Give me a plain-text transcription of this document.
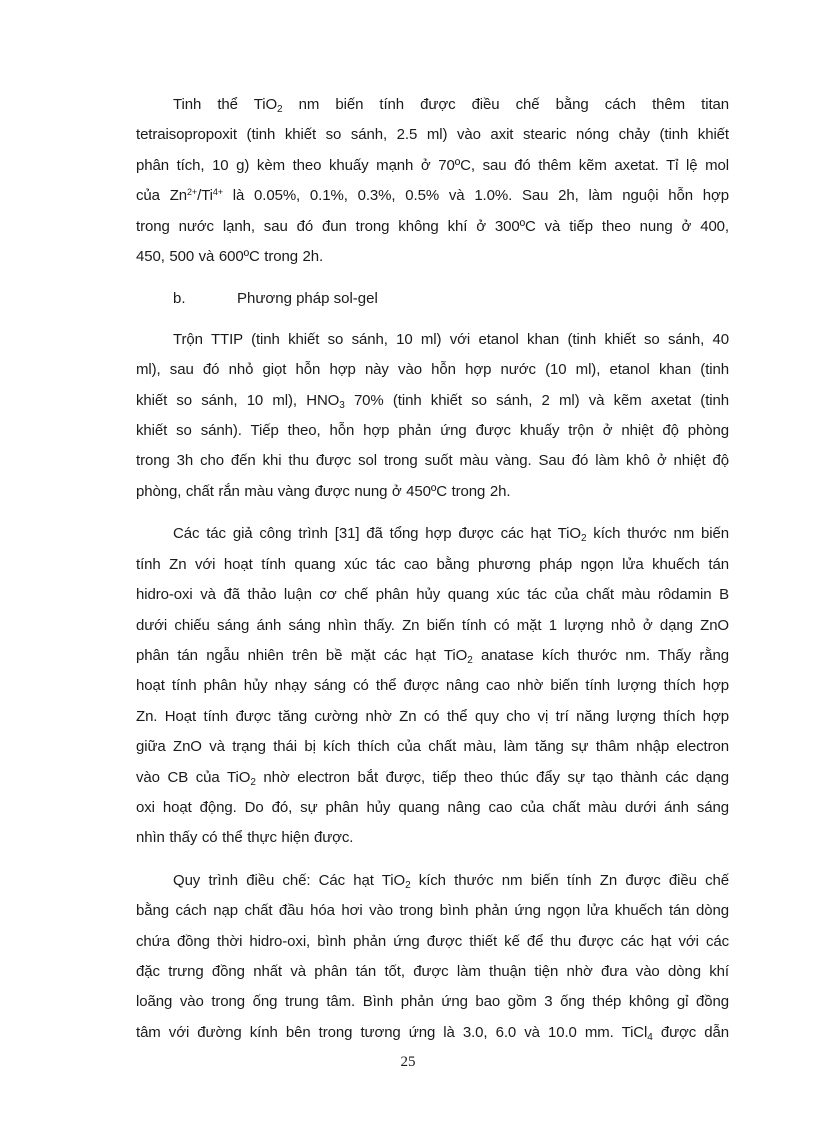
Tinh thể TiO$_2$ nm biến tính được điều chế bằng cách thêm titan
tetraisopropoxit (tinh khiết so sánh, 2.5 ml) vào axit stearic nóng chảy (tinh khiết
phân tích, 10 g) kèm theo khuấy mạnh ở 70ºC, sau đó thêm kẽm axetat. Tỉ lệ mol
của $Zn^{2+}/Ti^{4+}$ là 0.05%, 0.1%, 0.3%, 0.5% và 1.0%. Sau 2h, làm nguội hỗn hợp
trong nước lạnh, sau đó đun trong không khí ở 300ºC và tiếp theo nung ở 400,
450, 500 và 600ºC trong 2h.
b.	Phương pháp sol-gel
Trộn TTIP (tinh khiết so sánh, 10 ml) với etanol khan (tinh khiết so sánh, 40
ml), sau đó nhỏ giọt hỗn hợp này vào hỗn hợp nước (10 ml), etanol khan (tinh
khiết so sánh, 10 ml), $HNO_3$ 70% (tinh khiết so sánh, 2 ml) và kẽm axetat (tinh
khiết so sánh). Tiếp theo, hỗn hợp phản ứng được khuấy trộn ở nhiệt độ phòng
trong 3h cho đến khi thu được sol trong suốt màu vàng. Sau đó làm khô ở nhiệt độ
phòng, chất rắn màu vàng được nung ở 450ºC trong 2h.
Các tác giả công trình [31] đã tổng hợp được các hạt TiO$_2$ kích thước nm biến
tính Zn với hoạt tính quang xúc tác cao bằng phương pháp ngọn lửa khuếch tán
hidro-oxi và đã thảo luận cơ chế phân hủy quang xúc tác của chất màu rôdamin B
dưới chiếu sáng ánh sáng nhìn thấy. Zn biến tính có mặt 1 lượng nhỏ ở dạng ZnO
phân tán ngẫu nhiên trên bề mặt các hạt TiO$_2$ anatase kích thước nm. Thấy rằng
hoạt tính phân hủy nhạy sáng có thể được nâng cao nhờ biến tính lượng thích hợp
Zn. Hoạt tính được tăng cường nhờ Zn có thể quy cho vị trí năng lượng thích hợp
giữa ZnO và trạng thái bị kích thích của chất màu, làm tăng sự thâm nhập electron
vào CB của TiO$_2$ nhờ electron bắt được, tiếp theo thúc đẩy sự tạo thành các dạng
oxi hoạt động. Do đó, sự phân hủy quang nâng cao của chất màu dưới ánh sáng
nhìn thấy có thể thực hiện được.
Quy trình điều chế: Các hạt TiO$_2$ kích thước nm biến tính Zn được điều chế
bằng cách nạp chất đầu hóa hơi vào trong bình phản ứng ngọn lửa khuếch tán dòng
chứa đồng thời hidro-oxi, bình phản ứng được thiết kế để thu được các hạt với các
đặc trưng đồng nhất và phân tán tốt, được làm thuận tiện nhờ đưa vào dòng khí
loãng vào trong ống trung tâm. Bình phản ứng bao gồm 3 ống thép không gỉ đồng
tâm với đường kính bên trong tương ứng là 3.0, 6.0 và 10.0 mm. TiCl$_4$ được dẫn
25
